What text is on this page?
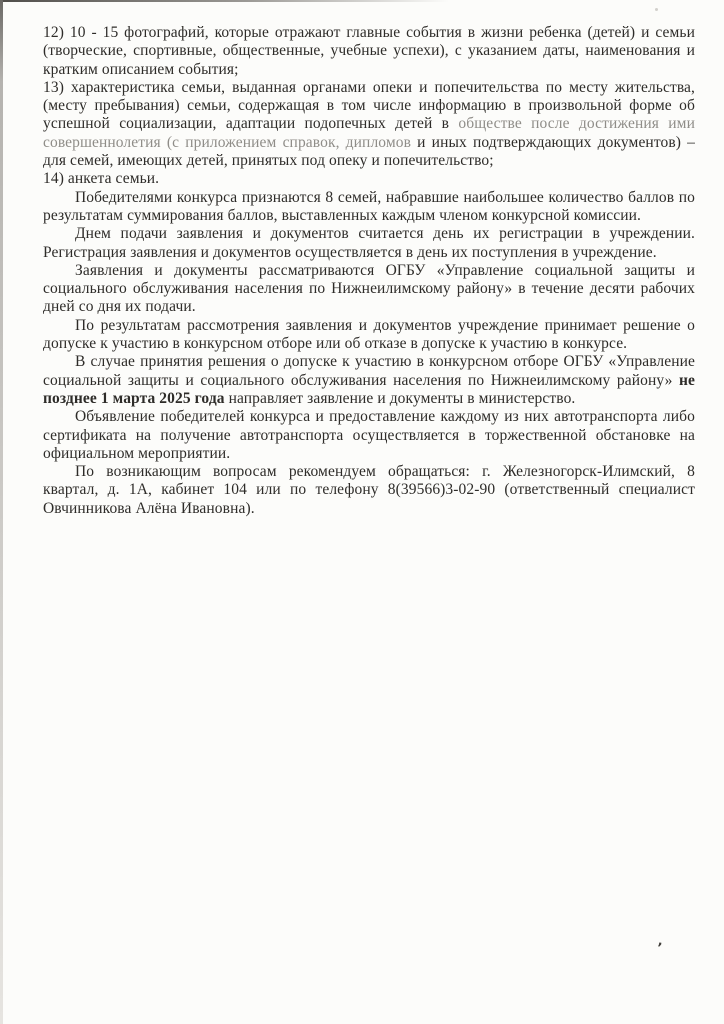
12) 10 - 15 фотографий, которые отражают главные события в жизни ребенка (детей) и семьи (творческие, спортивные, общественные, учебные успехи), с указанием даты, наименования и кратким описанием события;

13) характеристика семьи, выданная органами опеки и попечительства по месту жительства, (месту пребывания) семьи, содержащая в том числе информацию в произвольной форме об успешной социализации, адаптации подопечных детей в обществе после достижения ими совершеннолетия (с приложением справок, дипломов и иных подтверждающих документов) – для семей, имеющих детей, принятых под опеку и попечительство;

14) анкета семьи.

Победителями конкурса признаются 8 семей, набравшие наибольшее количество баллов по результатам суммирования баллов, выставленных каждым членом конкурсной комиссии.

Днем подачи заявления и документов считается день их регистрации в учреждении. Регистрация заявления и документов осуществляется в день их поступления в учреждение.

Заявления и документы рассматриваются ОГБУ «Управление социальной защиты и социального обслуживания населения по Нижнеилимскому району» в течение десяти рабочих дней со дня их подачи.

По результатам рассмотрения заявления и документов учреждение принимает решение о допуске к участию в конкурсном отборе или об отказе в допуске к участию в конкурсе.

В случае принятия решения о допуске к участию в конкурсном отборе ОГБУ «Управление социальной защиты и социального обслуживания населения по Нижнеилимскому району» не позднее 1 марта 2025 года направляет заявление и документы в министерство.

Объявление победителей конкурса и предоставление каждому из них автотранспорта либо сертификата на получение автотранспорта осуществляется в торжественной обстановке на официальном мероприятии.

По возникающим вопросам рекомендуем обращаться: г. Железногорск-Илимский, 8 квартал, д. 1А, кабинет 104 или по телефону 8(39566)3-02-90 (ответственный специалист Овчинникова Алёна Ивановна).

ʼ
